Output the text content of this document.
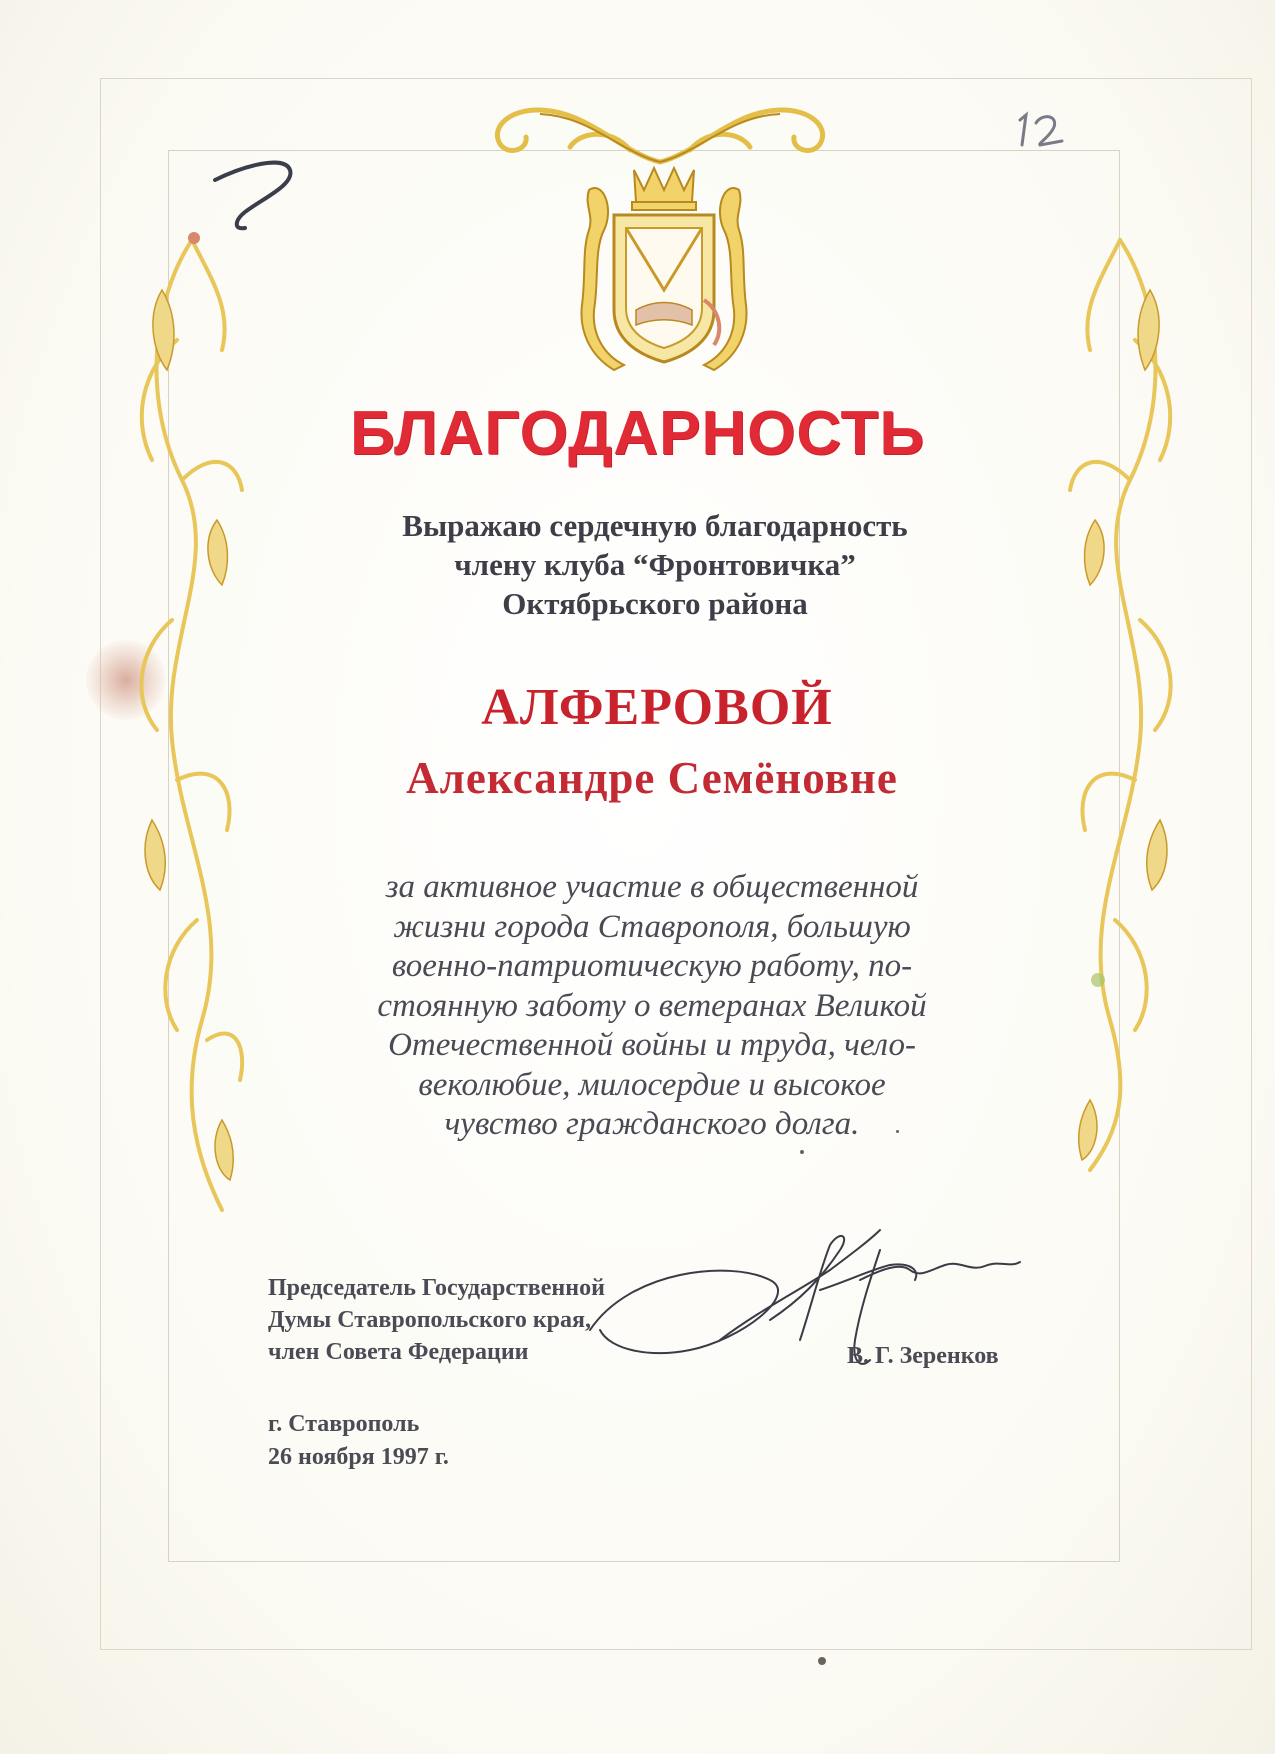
БЛАГОДАРНОСТЬ
Выражаю сердечную благодарность
члену клуба “Фронтовичка”
Октябрьского района
АЛФЕРОВОЙ
Александре Семёновне
за активное участие в общественной
жизни города Ставрополя, большую
военно-патриотическую работу, по-
стоянную заботу о ветеранах Великой
Отечественной войны и труда, чело-
веколюбие, милосердие и высокое
чувство гражданского долга.
Председатель Государственной
Думы Ставропольского края,
член Совета Федерации	В. Г. Зеренков
г. Ставрополь
26 ноября 1997 г.
